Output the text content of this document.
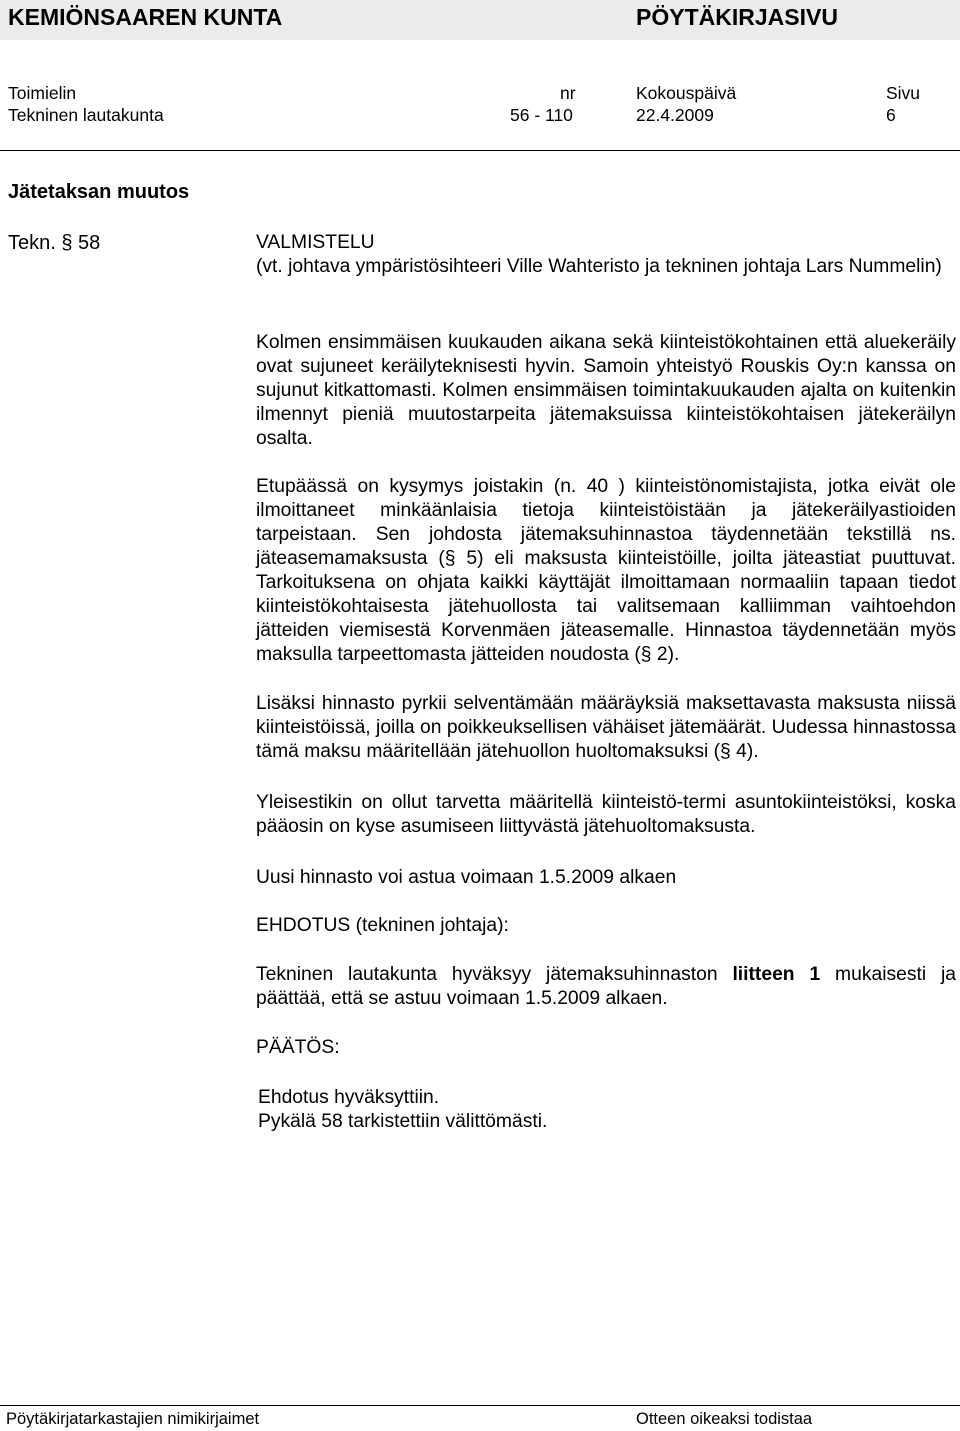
KEMIÖNSAAREN KUNTA	PÖYTÄKIRJASIVU
Toimielin	nr	Kokouspäivä	Sivu
Tekninen lautakunta	56 - 110	22.4.2009	6
Jätetaksan muutos
Tekn. § 58	VALMISTELU

(vt. johtava ympäristösihteeri Ville Wahteristo ja tekninen johtaja Lars Nummelin)

Kolmen ensimmäisen kuukauden aikana sekä kiinteistökohtainen että aluekeräily ovat sujuneet keräilyteknisesti hyvin. Samoin yhteistyö Rouskis Oy:n kanssa on sujunut kitkattomasti. Kolmen ensimmäisen toimintakuukauden ajalta on kuitenkin ilmennyt pieniä muutostarpeita jätemaksuissa kiinteistökohtaisen jätekeräilyn osalta.

Etupäässä on kysymys joistakin (n. 40 ) kiinteistönomistajista, jotka eivät ole ilmoittaneet minkäänlaisia tietoja kiinteistöistään ja jätekeräilyastioiden tarpeistaan. Sen johdosta jätemaksuhinnastoa täydennetään tekstillä ns. jäteasemamaksusta (§ 5) eli maksusta kiinteistöille, joilta jäteastiat puuttuvat. Tarkoituksena on ohjata kaikki käyttäjät ilmoittamaan normaaliin tapaan tiedot kiinteistökohtaisesta jätehuollosta tai valitsemaan kalliimman vaihtoehdon jätteiden viemisestä Korvenmäen jäteasemalle. Hinnastoa täydennetään myös maksulla tarpeettomasta jätteiden noudosta (§ 2).

Lisäksi hinnasto pyrkii selventämään määräyksiä maksettavasta maksusta niissä kiinteistöissä, joilla on poikkeuksellisen vähäiset jätemäärät. Uudessa hinnastossa tämä maksu määritellään jätehuollon huoltomaksuksi (§ 4).

Yleisestikin on ollut tarvetta määritellä kiinteistö-termi asuntokiinteistöksi, koska pääosin on kyse asumiseen liittyvästä jätehuoltomaksusta.

Uusi hinnasto voi astua voimaan 1.5.2009 alkaen

EHDOTUS (tekninen johtaja):

Tekninen lautakunta hyväksyy jätemaksuhinnaston liitteen 1 mukaisesti ja päättää, että se astuu voimaan 1.5.2009 alkaen.

PÄÄTÖS:

Ehdotus hyväksyttiin.

Pykälä 58 tarkistettiin välittömästi.

Pöytäkirjatarkastajien nimikirjaimet	Otteen oikeaksi todistaa
